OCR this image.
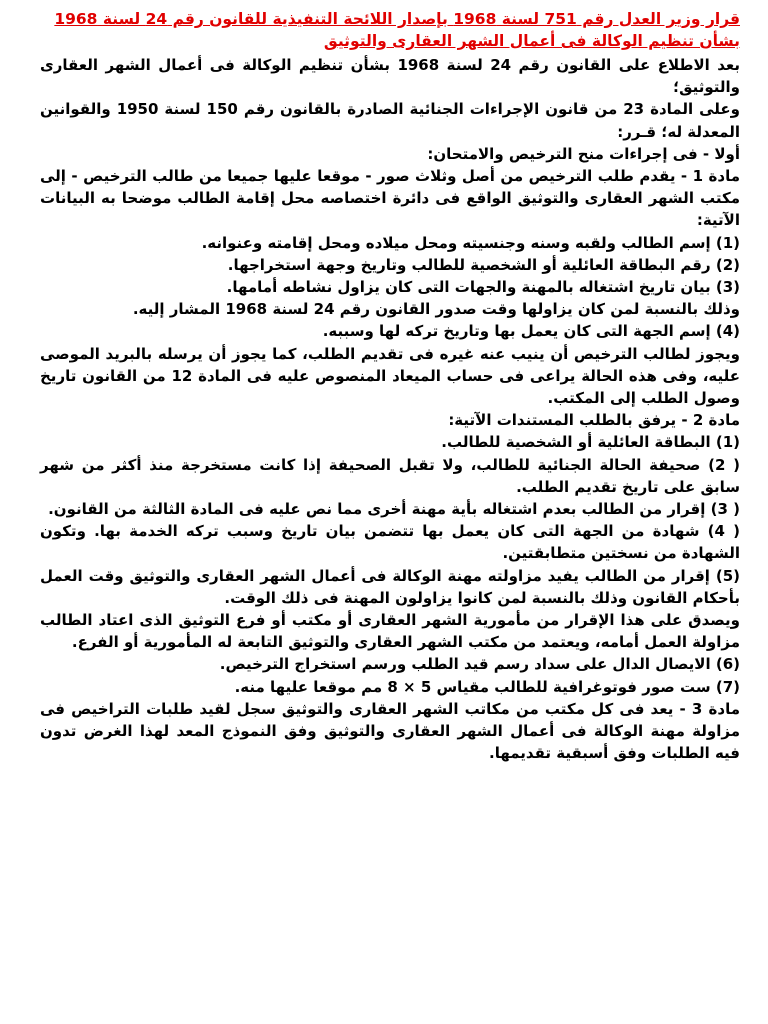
قرار وزير العدل رقم 751 لسنة 1968 بإصدار اللائحة التنفيذية للقانون رقم 24 لسنة 1968
بشأن تنظيم الوكالة فى أعمال الشهر العقارى والتوثيق

بعد الاطلاع على القانون رقم 24 لسنة 1968 بشأن تنظيم الوكالة فى أعمال الشهر العقارى والتوثيق؛

وعلى المادة 23 من قانون الإجراءات الجنائية الصادرة بالقانون رقم 150 لسنة 1950 والقوانين المعدلة له؛ قـرر:

أولا - فى إجراءات منح الترخيص والامتحان:

مادة 1 - يقدم طلب الترخيص من أصل وثلاث صور - موقعا عليها جميعا من طالب الترخيص - إلى مكتب الشهر العقارى والتوثيق الواقع فى دائرة اختصاصه محل إقامة الطالب موضحا به البيانات الآتية:

(1) إسم الطالب ولقبه وسنه وجنسيته ومحل ميلاده ومحل إقامته وعنوانه.

(2) رقم البطاقة العائلية أو الشخصية للطالب وتاريخ وجهة استخراجها.

(3) بيان تاريخ اشتغاله بالمهنة والجهات التى كان يزاول نشاطه أمامها.

وذلك بالنسبة لمن كان يزاولها وقت صدور القانون رقم 24 لسنة 1968 المشار إليه.

(4) إسم الجهة التى كان يعمل بها وتاريخ تركه لها وسببه.

ويجوز لطالب الترخيص أن ينيب عنه غيره فى تقديم الطلب، كما يجوز أن يرسله بالبريد الموصى عليه، وفى هذه الحالة يراعى فى حساب الميعاد المنصوص عليه فى المادة 12 من القانون تاريخ وصول الطلب إلى المكتب.

مادة 2 - يرفق بالطلب المستندات الآتية:

(1) البطاقة العائلية أو الشخصية للطالب.

( 2) صحيفة الحالة الجنائية للطالب، ولا تقبل الصحيفة إذا كانت مستخرجة منذ أكثر من شهر سابق على تاريخ تقديم الطلب.

( 3) إقرار من الطالب بعدم اشتغاله بأية مهنة أخرى مما نص عليه فى المادة الثالثة من القانون.

( 4) شهادة من الجهة التى كان يعمل بها تتضمن بيان تاريخ وسبب تركه الخدمة بها. وتكون الشهادة من نسختين متطابقتين.

(5) إقرار من الطالب يفيد مزاولته مهنة الوكالة فى أعمال الشهر العقارى والتوثيق وقت العمل بأحكام القانون وذلك بالنسبة لمن كانوا يزاولون المهنة فى ذلك الوقت.

ويصدق على هذا الإقرار من مأمورية الشهر العقارى أو مكتب أو فرع التوثيق الذى اعتاد الطالب مزاولة العمل أمامه، ويعتمد من مكتب الشهر العقارى والتوثيق التابعة له المأمورية أو الفرع.

(6) الايصال الدال على سداد رسم قيد الطلب ورسم استخراج الترخيص.

(7) ست صور فوتوغرافية للطالب مقياس 5 × 8 مم موقعا عليها منه.

مادة 3 - يعد فى كل مكتب من مكاتب الشهر العقارى والتوثيق سجل لقيد طلبات التراخيص فى مزاولة مهنة الوكالة فى أعمال الشهر العقارى والتوثيق وفق النموذج المعد لهذا الغرض تدون فيه الطلبات وفق أسبقية تقديمها.
